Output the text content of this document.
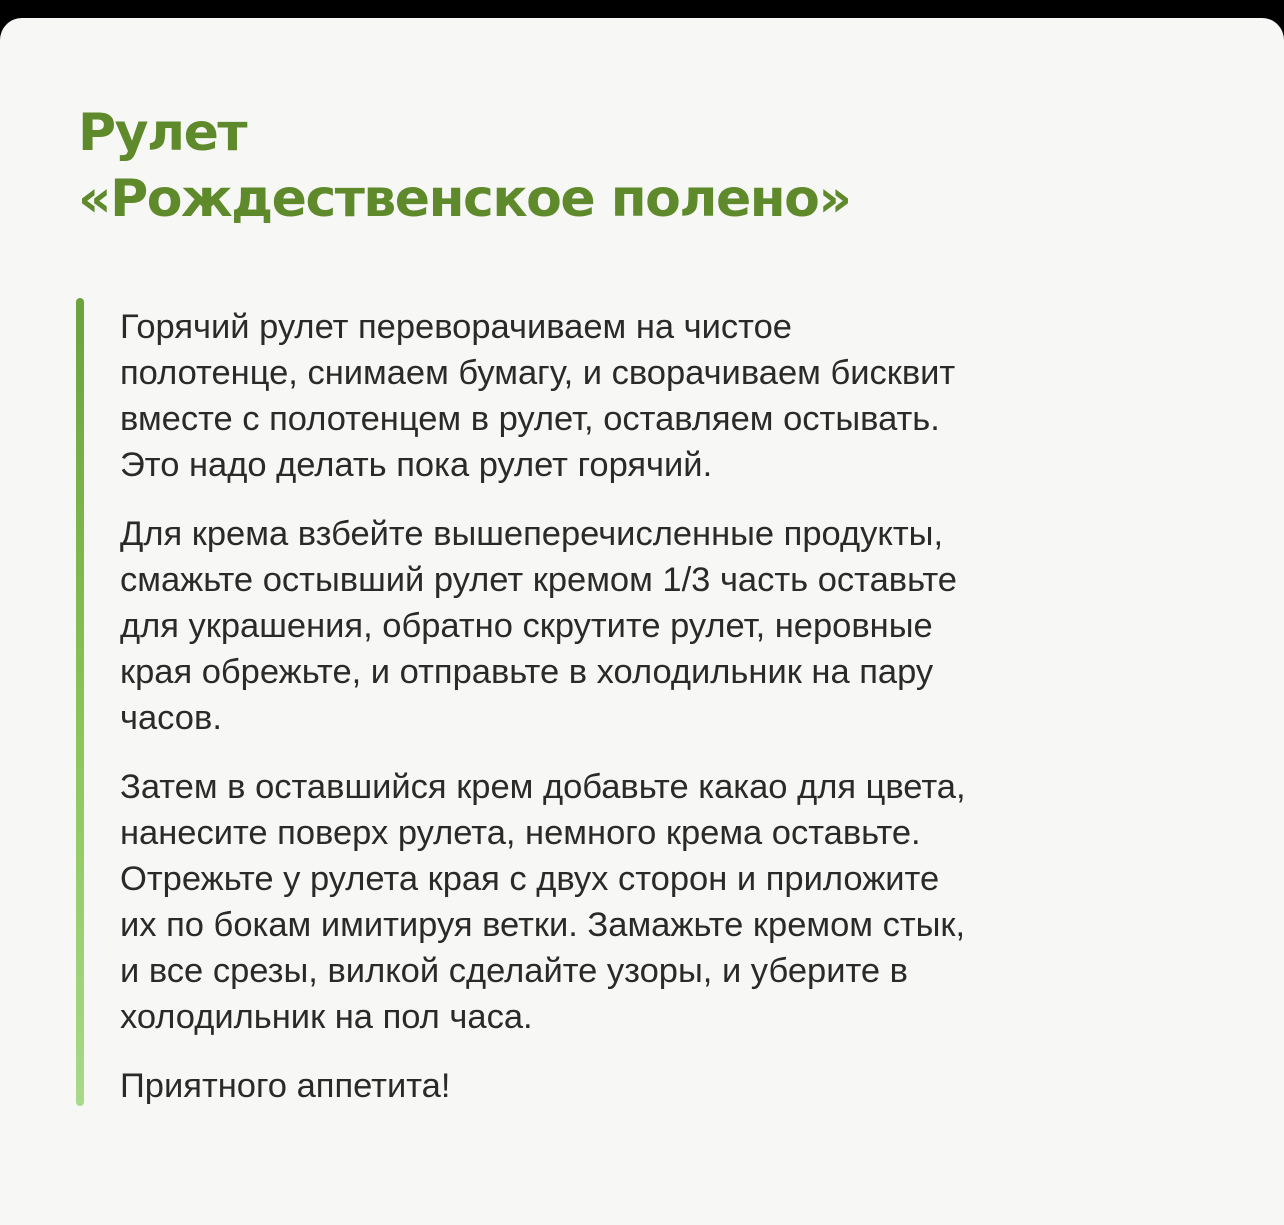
Рулет
«Рождественское полено»

Горячий рулет переворачиваем на чистое
полотенце, снимаем бумагу, и сворачиваем бисквит
вместе с полотенцем в рулет, оставляем остывать.
Это надо делать пока рулет горячий.

Для крема взбейте вышеперечисленные продукты,
смажьте остывший рулет кремом 1/3 часть оставьте
для украшения, обратно скрутите рулет, неровные
края обрежьте, и отправьте в холодильник на пару
часов.

Затем в оставшийся крем добавьте какао для цвета,
нанесите поверх рулета, немного крема оставьте.
Отрежьте у рулета края с двух сторон и приложите
их по бокам имитируя ветки. Замажьте кремом стык,
и все срезы, вилкой сделайте узоры, и уберите в
холодильник на пол часа.

Приятного аппетита!
